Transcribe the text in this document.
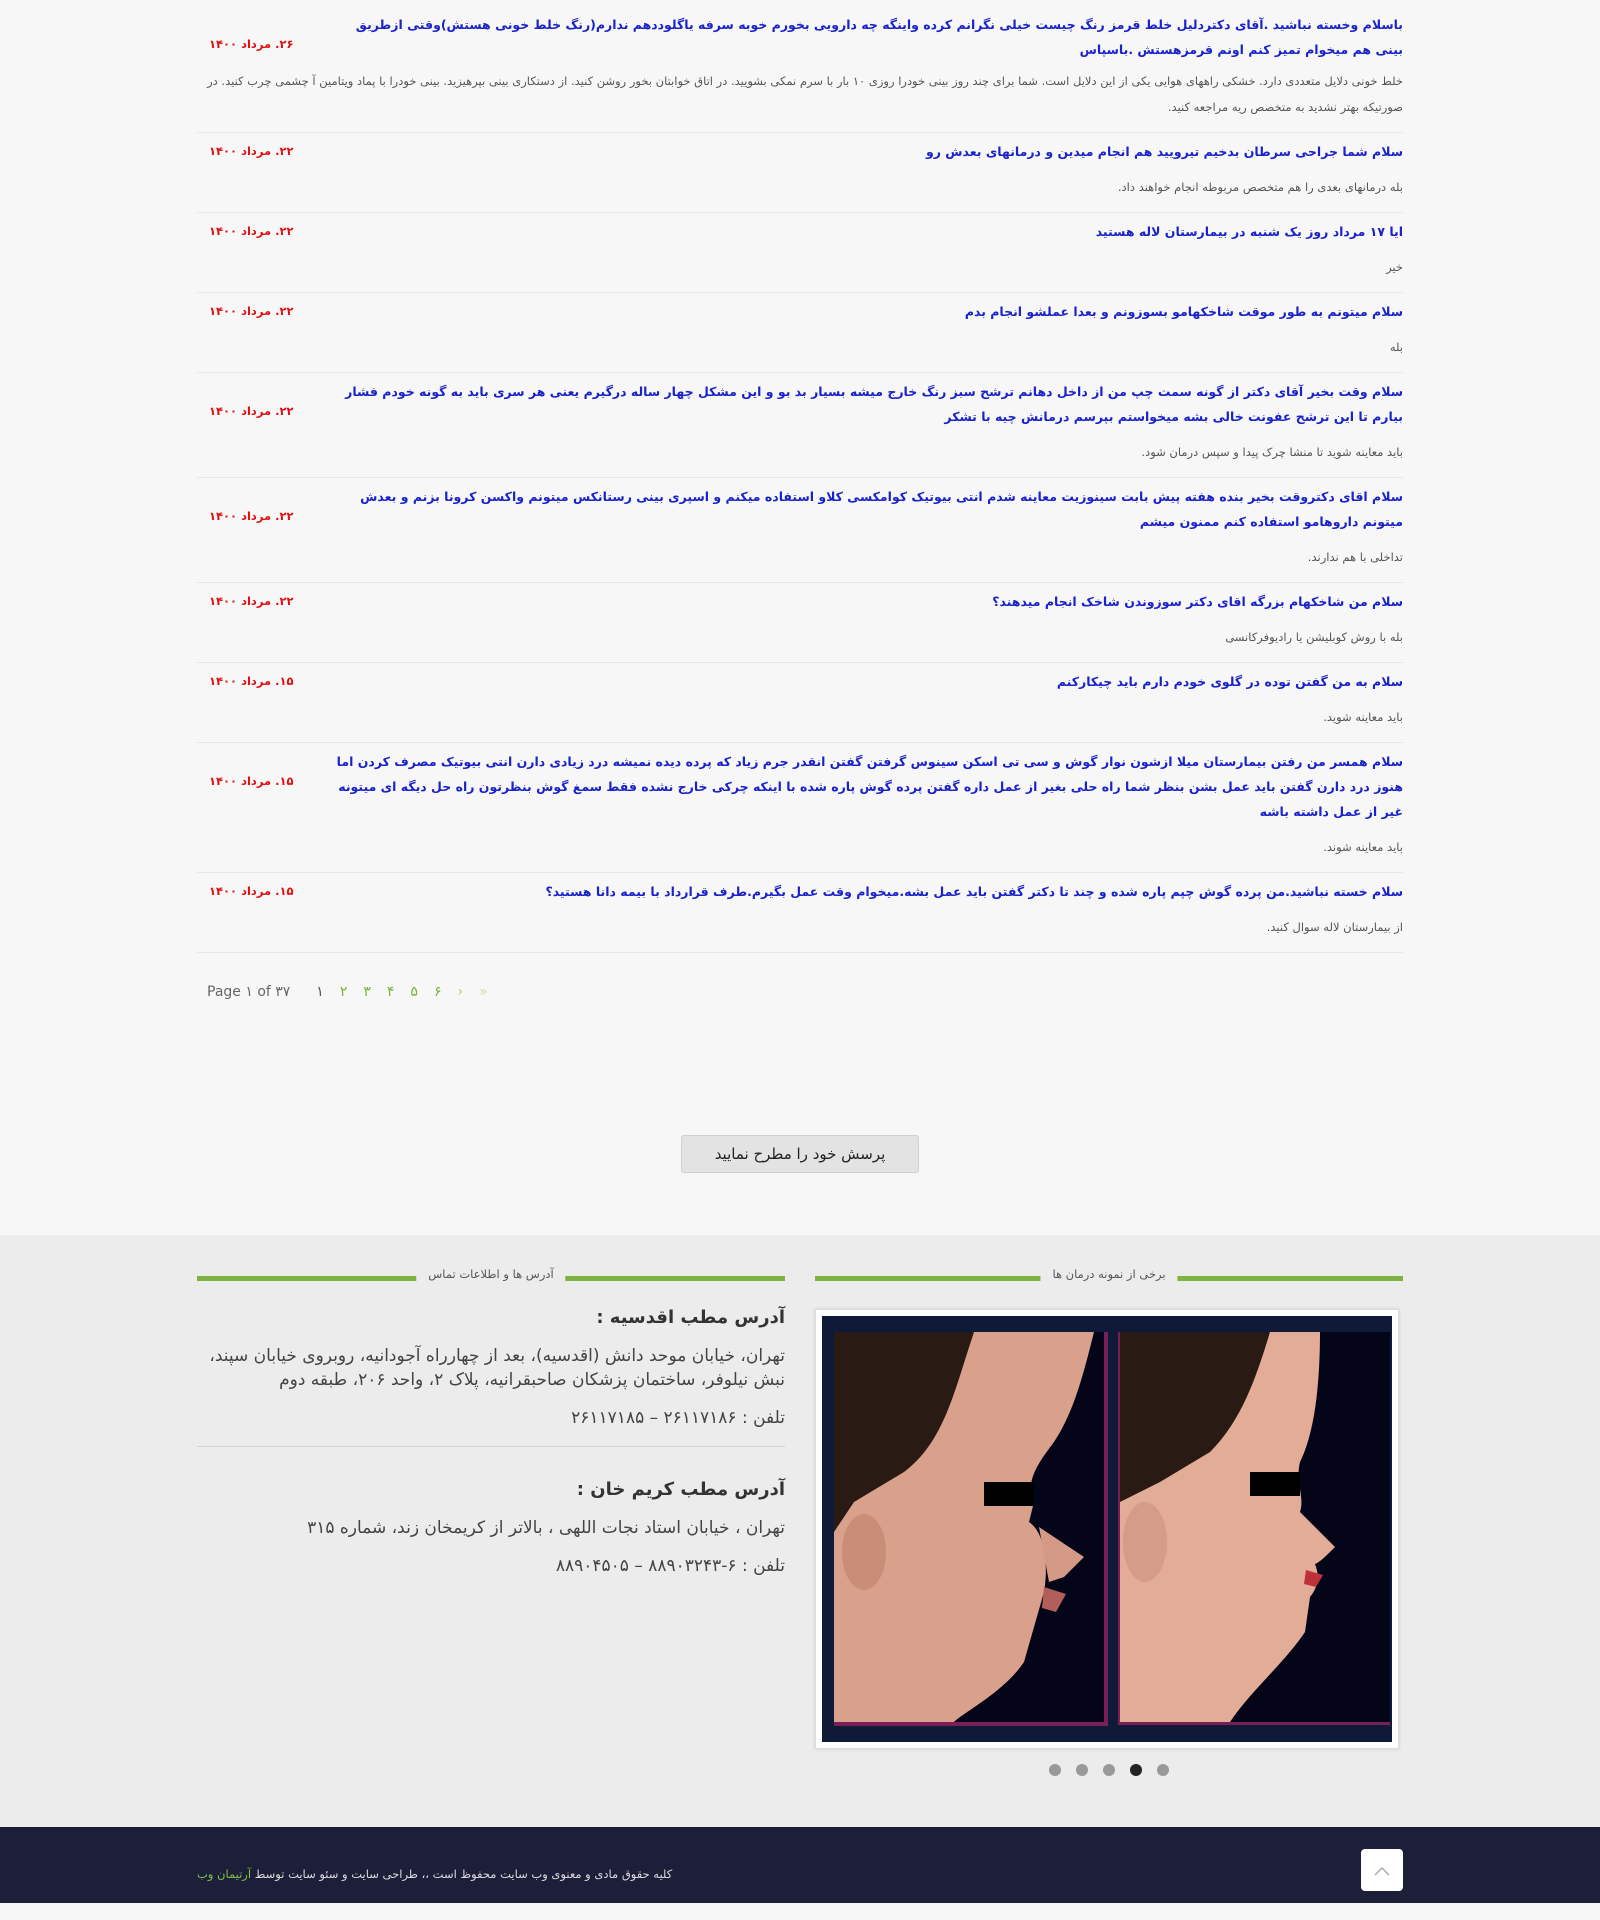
باسلام وخسته نباشید .آقای دکتردلیل خلط قرمز رنگ چیست خیلی نگرانم کرده واینگه چه دارویی بخورم خوبه سرفه یاگلوددهم ندارم(رنگ خلط خونی هستش)وقتی ازطریق بینی هم میخوام تمیز کنم اونم قرمزهستش .باسپاس
۲۶. مرداد ۱۴۰۰
خلط خونی دلایل متعددی دارد. خشکی راههای هوایی یکی از این دلایل است. شما برای چند روز بینی خودرا روزی ۱۰ بار با سرم نمکی بشویید. در اتاق خوابتان بخور روشن کنید. از دستکاری بینی بپرهیزید. بینی خودرا با پماد ویتامین آ چشمی چرب کنید. در صورتیکه بهتر نشدید به متخصص ریه مراجعه کنید.
سلام شما جراحی سرطان بدخیم تیرویید هم انجام میدین و درمانهای بعدش رو
۲۲. مرداد ۱۴۰۰
بله درمانهای بعدی را هم متخصص مربوطه انجام خواهند داد.
ایا ۱۷ مرداد روز یک شنبه در بیمارستان لاله هستید
۲۲. مرداد ۱۴۰۰
خیر
سلام میتونم به طور موقت شاخکهامو بسوزونم و بعدا عملشو انجام بدم
۲۲. مرداد ۱۴۰۰
بله
سلام وقت بخیر آقای دکتر از گونه سمت چپ من از داخل دهانم ترشح سبز رنگ خارج میشه بسیار بد بو و این مشکل چهار ساله درگیرم یعنی هر سری باید به گونه خودم فشار بیارم تا این ترشح عفونت خالی بشه میخواستم بپرسم درمانش چیه با تشکر
۲۲. مرداد ۱۴۰۰
باید معاینه شوید تا منشا چرک پیدا و سپس درمان شود.
سلام اقای دکتروقت بخیر بنده هفته پیش بابت سینوزیت معاینه شدم انتی بیوتیک کوامکسی کلاو استفاده میکنم و اسپری بینی رستانکس میتونم واکسن کرونا بزنم و بعدش میتونم داروهامو استفاده کنم ممنون میشم
۲۲. مرداد ۱۴۰۰
تداخلی با هم ندارند.
سلام من شاخکهام بزرگه اقای دکتر سوزوندن شاخک انجام میدهند؟
۲۲. مرداد ۱۴۰۰
بله با روش کوبلیشن یا رادیوفرکانسی
سلام به من گفتن توده در گلوی خودم دارم باید چیکارکنم
۱۵. مرداد ۱۴۰۰
باید معاینه شوید.
سلام همسر من رفتن بیمارستان میلا ازشون نوار گوش و سی تی اسکن سینوس گرفتن گفتن انقدر جرم زیاد که پرده دیده نمیشه درد زیادی دارن انتی بیوتیک مصرف کردن اما هنوز درد دارن گفتن باید عمل بشن بنظر شما راه حلی بغیر از عمل داره گفتن پرده گوش پاره شده با اینکه چرکی خارج نشده فقط سمغ گوش بنظرتون راه حل دیگه ای میتونه غیر از عمل داشته باشه
۱۵. مرداد ۱۴۰۰
باید معاینه شوند.
سلام خسته نباشید.من پرده گوش چپم پاره شده و چند تا دکتر گفتن باید عمل بشه.میخوام وقت عمل بگیرم.طرف قرارداد با بیمه دانا هستید؟
۱۵. مرداد ۱۴۰۰
از بیمارستان لاله سوال کنید.
Page ۱ of ۳۷ ۱ ۲ ۳ ۴ ۵ ۶ › »
پرسش خود را مطرح نمایید
آدرس ها و اطلاعات تماس
آدرس مطب اقدسیه :
تهران، خیابان موحد دانش (اقدسیه)، بعد از چهارراه آجودانیه، روبروی خیابان سپند، نبش نیلوفر، ساختمان پزشکان صاحبقرانیه، پلاک ۲، واحد ۲۰۶، طبقه دوم
تلفن : ۲۶۱۱۷۱۸۶ – ۲۶۱۱۷۱۸۵
آدرس مطب کریم خان :
تهران ، خیابان استاد نجات اللهی ، بالاتر از کریمخان زند، شماره ۳۱۵
تلفن : ۶-۸۸۹۰۳۲۴۳ – ۸۸۹۰۴۵۰۵
برخی از نمونه درمان ها

کلیه حقوق مادی و معنوی وب سایت محفوظ است ،، طراحی سایت و سئو سایت توسط آرتیمان وب
